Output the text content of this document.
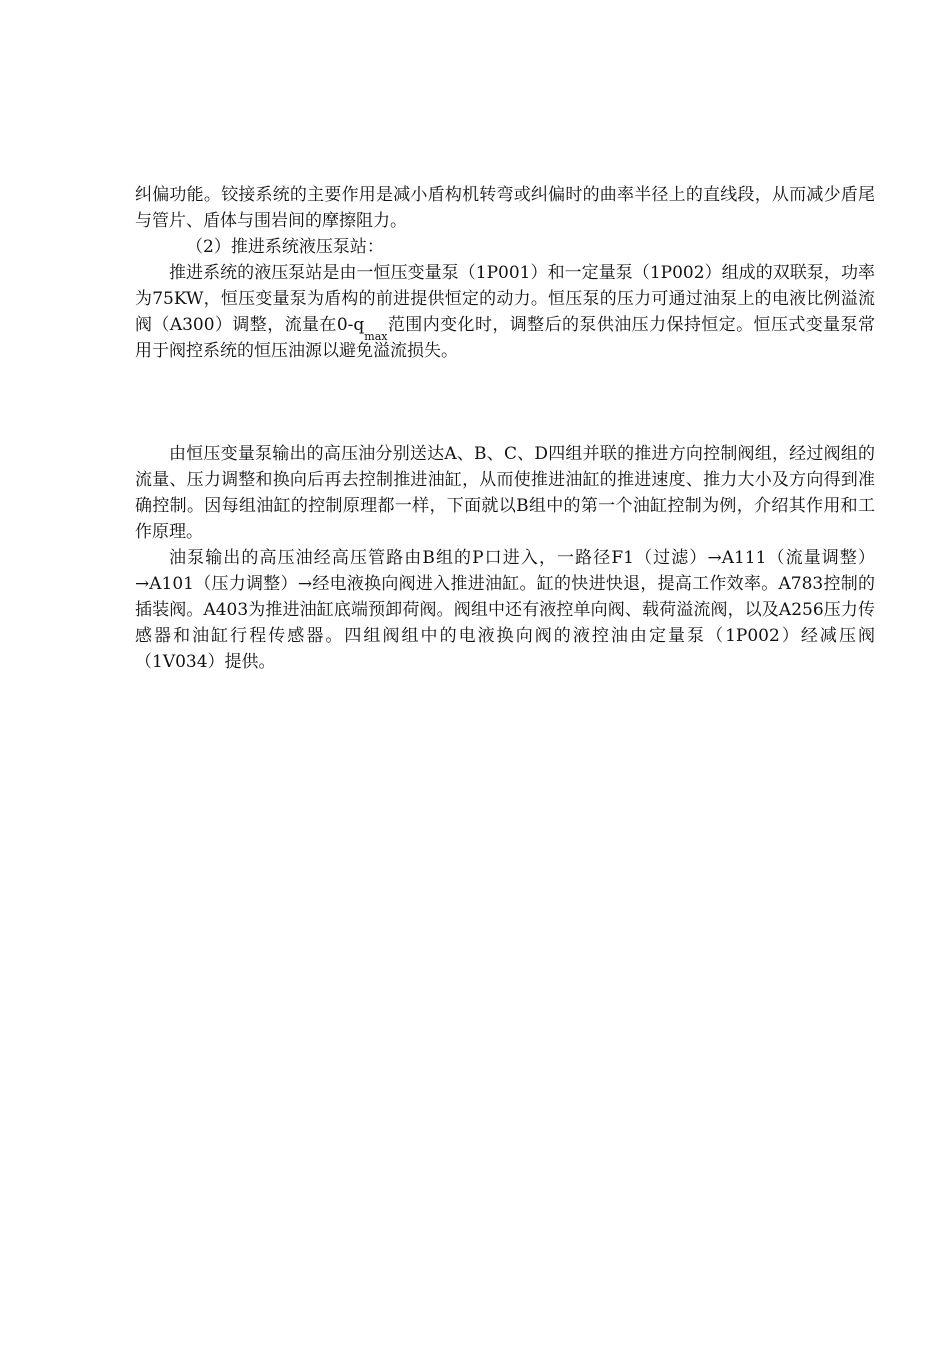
纠偏功能。铰接系统的主要作用是减小盾构机转弯或纠偏时的曲率半径上的直线段，从而减少盾尾与管片、盾体与围岩间的摩擦阻力。

（2）推进系统液压泵站：

推进系统的液压泵站是由一恒压变量泵（1P001）和一定量泵（1P002）组成的双联泵，功率为75KW，恒压变量泵为盾构的前进提供恒定的动力。恒压泵的压力可通过油泵上的电液比例溢流阀（A300）调整，流量在$0-q_{max}$范围内变化时，调整后的泵供油压力保持恒定。恒压式变量泵常用于阀控系统的恒压油源以避免溢流损失。

由恒压变量泵输出的高压油分别送达A、B、C、D四组并联的推进方向控制阀组，经过阀组的流量、压力调整和换向后再去控制推进油缸，从而使推进油缸的推进速度、推力大小及方向得到准确控制。因每组油缸的控制原理都一样，下面就以B组中的第一个油缸控制为例，介绍其作用和工作原理。

油泵输出的高压油经高压管路由B组的P口进入，一路径F1（过滤）→A111（流量调整）→A101（压力调整）→经电液换向阀进入推进油缸。缸的快进快退，提高工作效率。A783控制的插装阀。A403为推进油缸底端预卸荷阀。阀组中还有液控单向阀、载荷溢流阀，以及A256压力传感器和油缸行程传感器。四组阀组中的电液换向阀的液控油由定量泵（1P002）经减压阀（1V034）提供。
